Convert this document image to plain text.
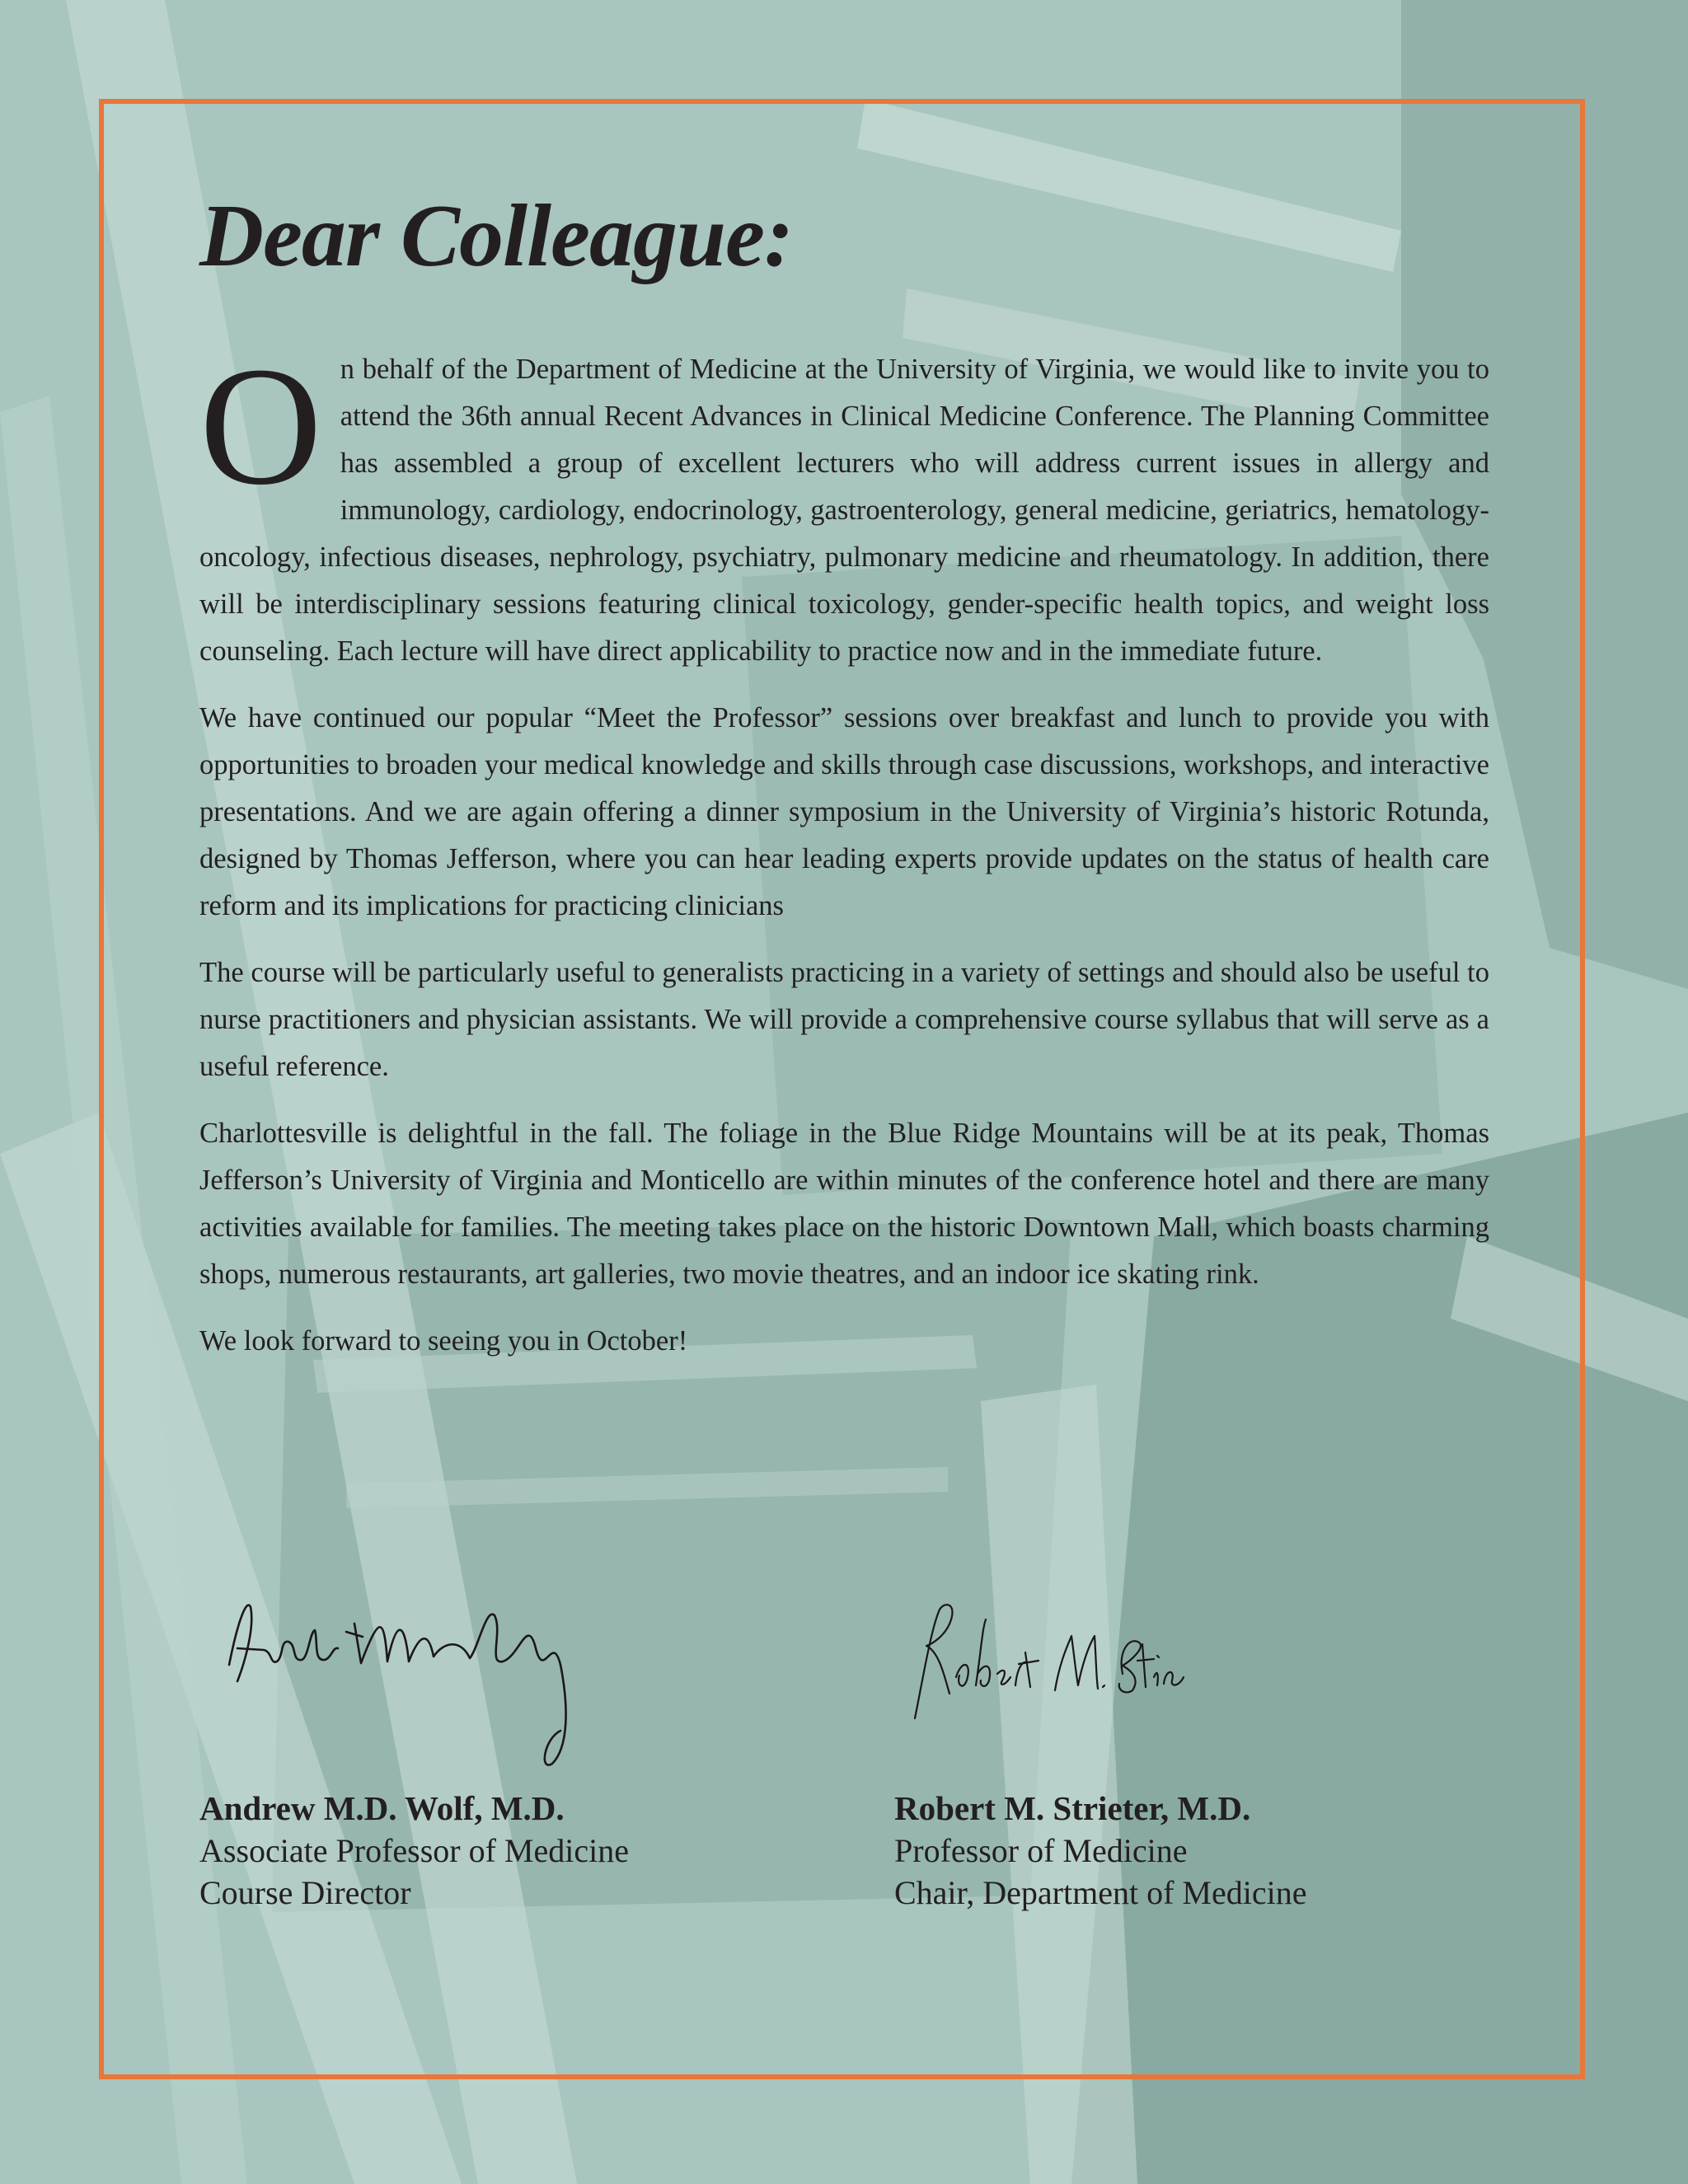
Dear Colleague:

On behalf of the Department of Medicine at the University of Virginia, we would like to invite you to attend the 36th annual Recent Advances in Clinical Medicine Conference. The Planning Committee has assembled a group of excellent lecturers who will address current issues in allergy and immunology, cardiology, endocrinology, gastroenterology, general medicine, geriatrics, hematology-oncology, infectious diseases, nephrology, psychiatry, pulmonary medicine and rheumatology. In addition, there will be interdisciplinary sessions featuring clinical toxicology, gender-specific health topics, and weight loss counseling. Each lecture will have direct applicability to practice now and in the immediate future.

We have continued our popular “Meet the Professor” sessions over breakfast and lunch to provide you with opportunities to broaden your medical knowledge and skills through case discussions, workshops, and interactive presentations. And we are again offering a dinner symposium in the University of Virginia’s historic Rotunda, designed by Thomas Jefferson, where you can hear leading experts provide updates on the status of health care reform and its implications for practicing clinicians

The course will be particularly useful to generalists practicing in a variety of settings and should also be useful to nurse practitioners and physician assistants. We will provide a comprehensive course syllabus that will serve as a useful reference.

Charlottesville is delightful in the fall. The foliage in the Blue Ridge Mountains will be at its peak, Thomas Jefferson’s University of Virginia and Monticello are within minutes of the conference hotel and there are many activities available for families. The meeting takes place on the historic Downtown Mall, which boasts charming shops, numerous restaurants, art galleries, two movie theatres, and an indoor ice skating rink.

We look forward to seeing you in October!

Andrew M.D. Wolf, M.D.
Associate Professor of Medicine
Course Director
Robert M. Strieter, M.D.
Professor of Medicine
Chair, Department of Medicine
